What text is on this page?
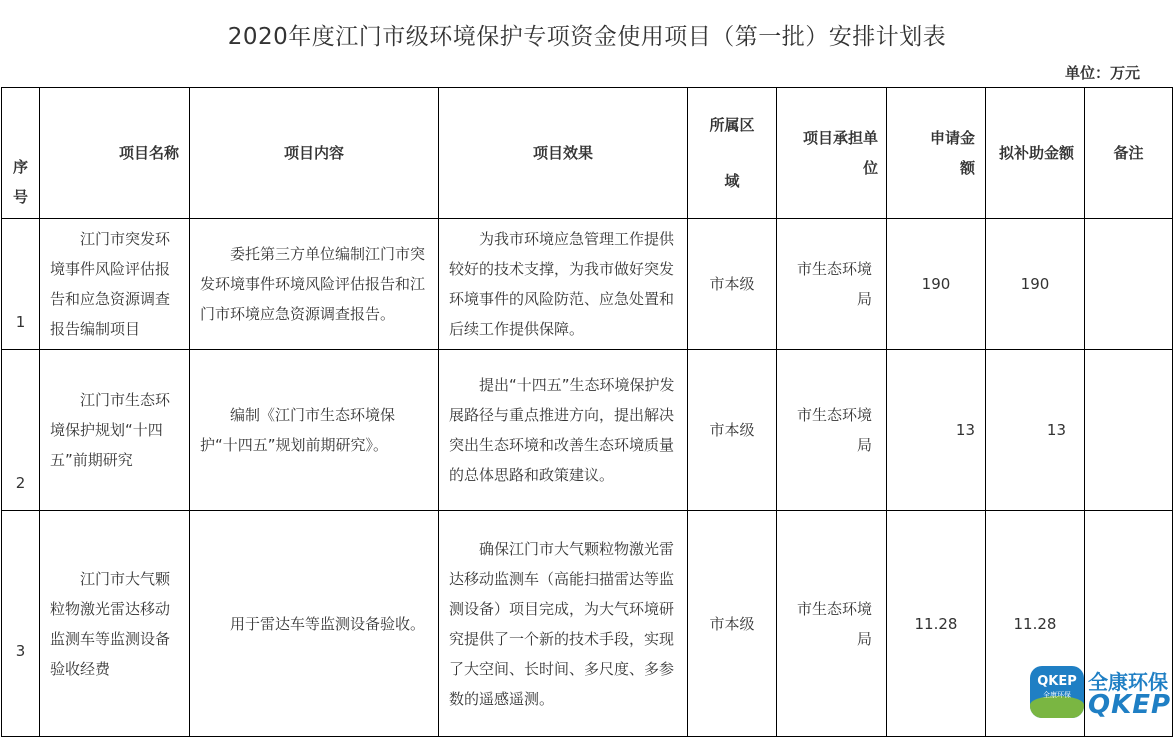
2020年度江门市级环境保护专项资金使用项目（第一批）安排计划表
单位：万元
序号	项目名称	项目内容	项目效果	所属区域	项目承担单位	申请金额	拟补助金额	备注
1	江门市突发环境事件风险评估报告和应急资源调查报告编制项目	委托第三方单位编制江门市突发环境事件环境风险评估报告和江门市环境应急资源调查报告。	为我市环境应急管理工作提供较好的技术支撑，为我市做好突发环境事件的风险防范、应急处置和后续工作提供保障。	市本级	市生态环境局	190	190	
2	江门市生态环境保护规划“十四五”前期研究	编制《江门市生态环境保护“十四五”规划前期研究》。	提出“十四五”生态环境保护发展路径与重点推进方向，提出解决突出生态环境和改善生态环境质量的总体思路和政策建议。	市本级	市生态环境局	13	13	
3	江门市大气颗粒物激光雷达移动监测车等监测设备验收经费	用于雷达车等监测设备验收。	确保江门市大气颗粒物激光雷达移动监测车（高能扫描雷达等监测设备）项目完成，为大气环境研究提供了一个新的技术手段，实现了大空间、长时间、多尺度、多参数的遥感遥测。	市本级	市生态环境局	11.28	11.28	
QKEP
全康环保
全康环保
QKEP
